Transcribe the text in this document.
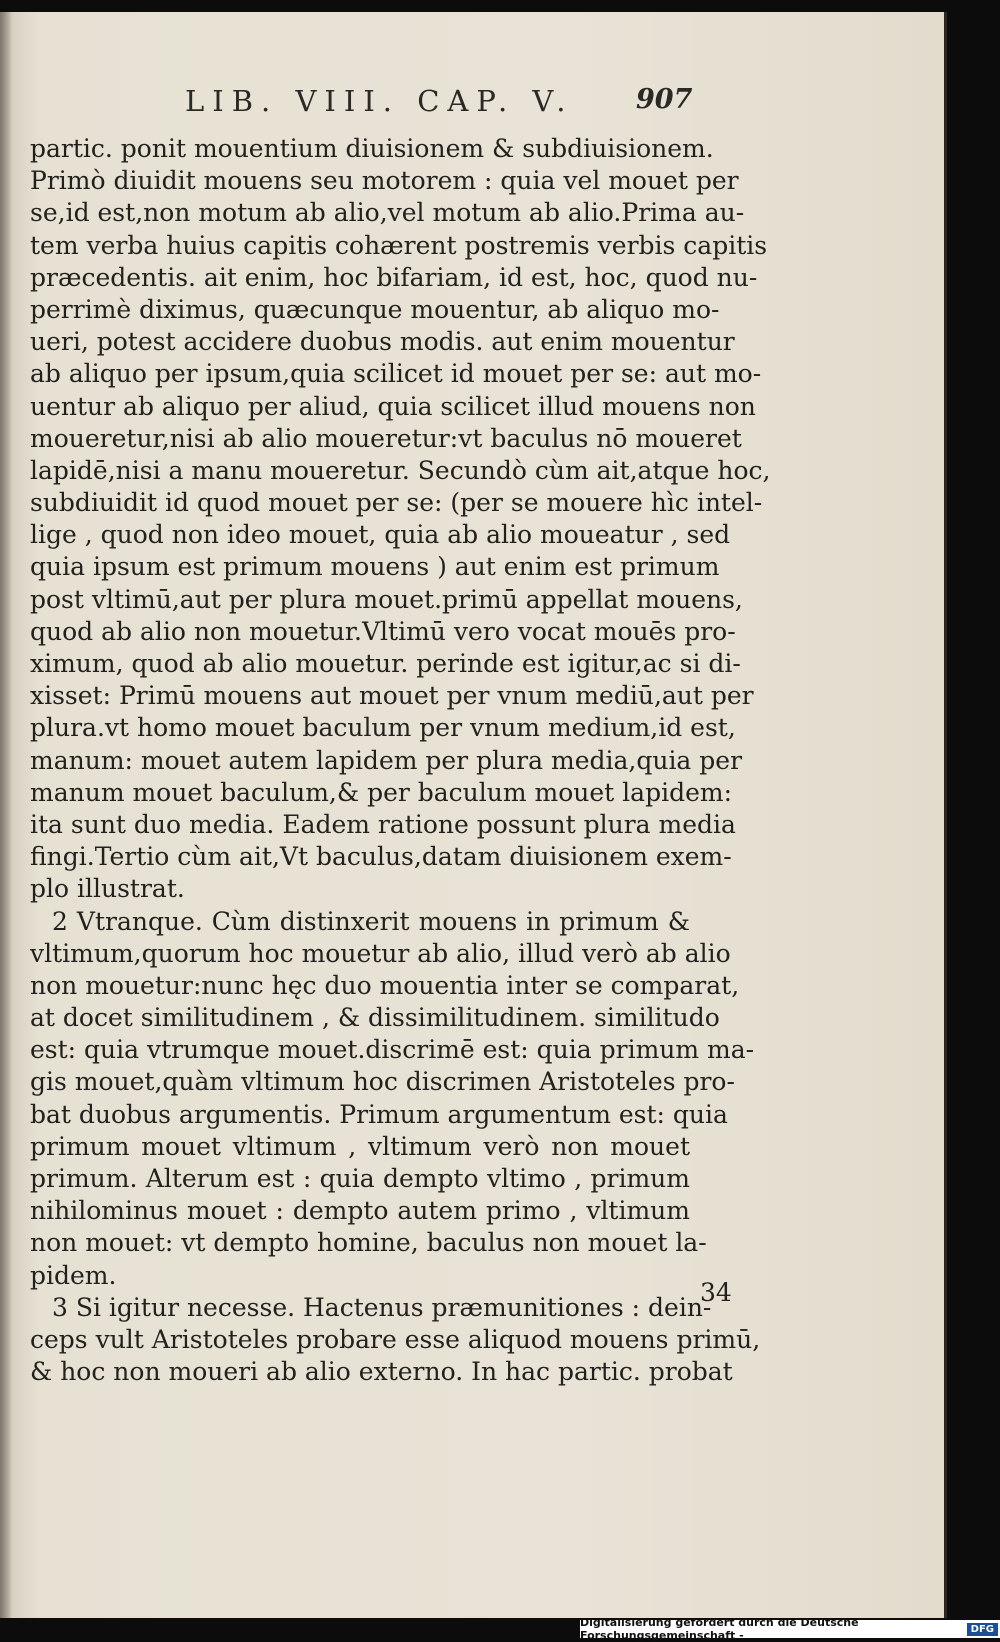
LIB. VIII. CAP. V. 907
partic. ponit mouentium diuisionem & subdiuisionem.
Primò diuidit mouens seu motorem : quia vel mouet per
se,id est,non motum ab alio,vel motum ab alio.Prima au-
tem verba huius capitis cohærent postremis verbis capitis
præcedentis. ait enim, hoc bifariam, id est, hoc, quod nu-
perrimè diximus, quæcunque mouentur, ab aliquo mo-
ueri, potest accidere duobus modis. aut enim mouentur
ab aliquo per ipsum,quia scilicet id mouet per se: aut mo-
uentur ab aliquo per aliud, quia scilicet illud mouens non
moueretur,nisi ab alio moueretur:vt baculus nō moueret
lapidē,nisi a manu moueretur. Secundò cùm ait,atque hoc,
subdiuidit id quod mouet per se: (per se mouere hìc intel-
lige , quod non ideo mouet, quia ab alio moueatur , sed
quia ipsum est primum mouens ) aut enim est primum
post vltimū,aut per plura mouet.primū appellat mouens,
quod ab alio non mouetur.Vltimū vero vocat mouēs pro-
ximum, quod ab alio mouetur. perinde est igitur,ac si di-
xisset: Primū mouens aut mouet per vnum mediū,aut per
plura.vt homo mouet baculum per vnum medium,id est,
manum: mouet autem lapidem per plura media,quia per
manum mouet baculum,& per baculum mouet lapidem:
ita sunt duo media. Eadem ratione possunt plura media
fingi.Tertio cùm ait,Vt baculus,datam diuisionem exem-
plo illustrat.
2 Vtranque. Cùm distinxerit mouens in primum &
vltimum,quorum hoc mouetur ab alio, illud verò ab alio
non mouetur:nunc hęc duo mouentia inter se comparat,
at docet similitudinem , & dissimilitudinem. similitudo
est: quia vtrumque mouet.discrimē est: quia primum ma-
gis mouet,quàm vltimum hoc discrimen Aristoteles pro-
bat duobus argumentis. Primum argumentum est: quia
primum mouet vltimum , vltimum verò non mouet
primum. Alterum est : quia dempto vltimo , primum
nihilominus mouet : dempto autem primo , vltimum
non mouet: vt dempto homine, baculus non mouet la-
pidem.
3 Si igitur necesse. Hactenus præmunitiones : dein-
ceps vult Aristoteles probare esse aliquod mouens primū,
& hoc non moueri ab alio externo. In hac partic. probat
34
Digitalisierung gefördert durch die Deutsche Forschungsgemeinschaft -	DFG
